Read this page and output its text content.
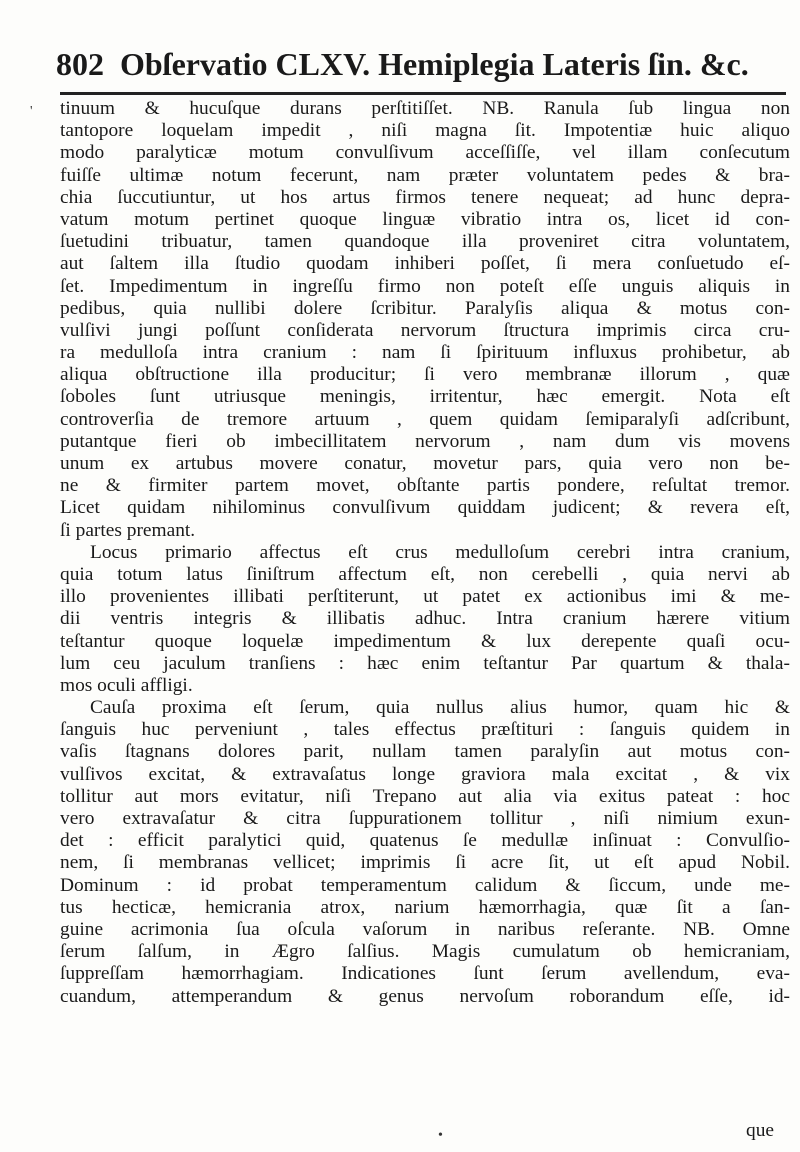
802 Obſervatio CLXV. Hemiplegia Lateris ſin. &c.
' tinuum & hucuſque durans perſtitiſſet. NB. Ranula ſub lingua non
tantopore loquelam impedit , niſi magna ſit. Impotentiæ huic aliquo
modo paralyticæ motum convulſivum acceſſiſſe, vel illam conſecutum
fuiſſe ultimæ notum fecerunt, nam præter voluntatem pedes & bra-
chia ſuccutiuntur, ut hos artus firmos tenere nequeat; ad hunc depra-
vatum motum pertinet quoque linguæ vibratio intra os, licet id con-
ſuetudini tribuatur, tamen quandoque illa proveniret citra voluntatem,
aut ſaltem illa ſtudio quodam inhiberi poſſet, ſi mera conſuetudo eſ-
ſet. Impedimentum in ingreſſu firmo non poteſt eſſe unguis aliquis in
pedibus, quia nullibi dolere ſcribitur. Paralyſis aliqua & motus con-
vulſivi jungi poſſunt conſiderata nervorum ſtructura imprimis circa cru-
ra medulloſa intra cranium : nam ſi ſpirituum influxus prohibetur, ab
aliqua obſtructione illa producitur; ſi vero membranæ illorum , quæ
ſoboles ſunt utriusque meningis, irritentur, hæc emergit. Nota eſt
controverſia de tremore artuum , quem quidam ſemiparalyſi adſcribunt,
putantque fieri ob imbecillitatem nervorum , nam dum vis movens
unum ex artubus movere conatur, movetur pars, quia vero non be-
ne & firmiter partem movet, obſtante partis pondere, reſultat tremor.
Licet quidam nihilominus convulſivum quiddam judicent; & revera eſt,
ſi partes premant.
Locus primario affectus eſt crus medulloſum cerebri intra cranium,
quia totum latus ſiniſtrum affectum eſt, non cerebelli , quia nervi ab
illo provenientes illibati perſtiterunt, ut patet ex actionibus imi & me-
dii ventris integris & illibatis adhuc. Intra cranium hærere vitium
teſtantur quoque loquelæ impedimentum & lux derepente quaſi ocu-
lum ceu jaculum tranſiens : hæc enim teſtantur Par quartum & thala-
mos oculi affligi.
Cauſa proxima eſt ſerum, quia nullus alius humor, quam hic &
ſanguis huc perveniunt , tales effectus præſtituri : ſanguis quidem in
vaſis ſtagnans dolores parit, nullam tamen paralyſin aut motus con-
vulſivos excitat, & extravaſatus longe graviora mala excitat , & vix
tollitur aut mors evitatur, niſi Trepano aut alia via exitus pateat : hoc
vero extravaſatur & citra ſuppurationem tollitur , niſi nimium exun-
det : efficit paralytici quid, quatenus ſe medullæ inſinuat : Convulſio-
nem, ſi membranas vellicet; imprimis ſi acre ſit, ut eſt apud Nobil.
Dominum : id probat temperamentum calidum & ſiccum, unde me-
tus hecticæ, hemicrania atrox, narium hæmorrhagia, quæ ſit a ſan-
guine acrimonia ſua oſcula vaſorum in naribus reſerante. NB. Omne
ſerum ſalſum, in Ægro ſalſius. Magis cumulatum ob hemicraniam,
ſuppreſſam hæmorrhagiam. Indicationes ſunt ſerum avellendum, eva-
cuandum, attemperandum & genus nervoſum roborandum eſſe, id-
•	que
